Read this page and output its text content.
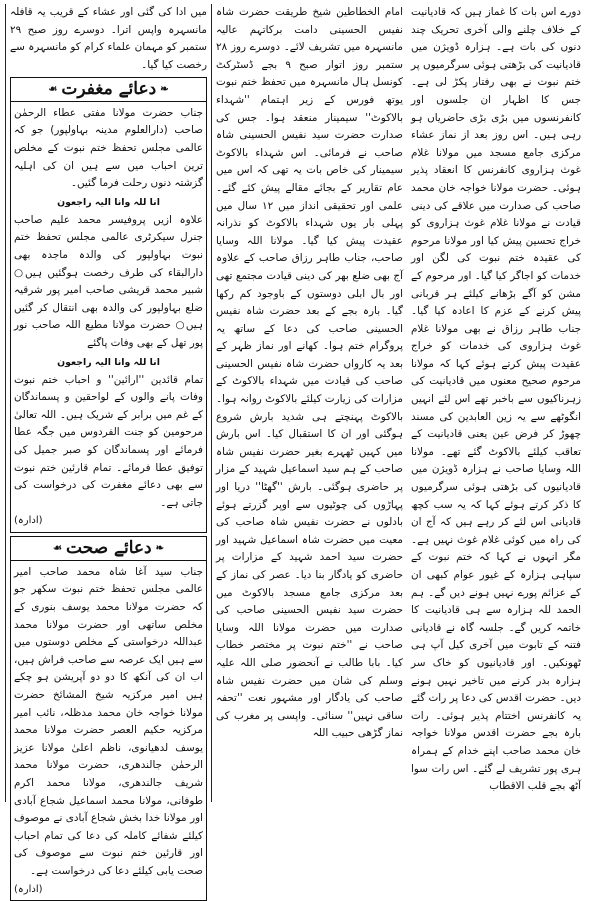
دورے اس بات کا غماز ہیں کہ قادیانیت کے خلاف چلنے والی آخری تحریک چند دنوں کی بات ہے۔ ہزارہ ڈویژن میں قادیانیت کی بڑھتی ہوئی سرگرمیوں پر ختم نبوت نے بھی رفتار پکڑ لی ہے۔ جس کا اظہار ان جلسوں اور کانفرنسوں میں بڑی بڑی حاضریاں ہو رہی ہیں۔ اس روز بعد از نماز عشاء مرکزی جامع مسجد میں مولانا غلام غوث ہزاروی کانفرنس کا انعقاد پذیر ہوئی۔ حضرت مولانا خواجہ خان محمد صاحب کی صدارت میں علاقے کی دینی قیادت نے مولانا غلام غوث ہزاروی کو خراج تحسین پیش کیا اور مولانا مرحوم کی عقیدہ ختم نبوت کی لگن اور خدمات کو اجاگر کیا گیا۔ اور مرحوم کے مشن کو آگے بڑھانے کیلئے ہر قربانی پیش کرنے کے عزم کا اعادہ کیا گیا۔ جناب طاہر رزاق نے بھی مولانا غلام غوث ہزاروی کی خدمات کو خراج عقیدت پیش کرتے ہوئے کہا کہ مولانا مرحوم صحیح معنوں میں قادیانیت کی زہرناکیوں سے باخبر تھے اس لئے انہیں انگوٹھے سے یہ زین العابدین کی مسند چھوڑ کر فرض عین یعنی قادیانیت کے تعاقب کیلئے بالاکوٹ گئے تھے۔ مولانا اللہ وسایا صاحب نے ہزارہ ڈویژن میں قادیانیوں کی بڑھتی ہوئی سرگرمیوں کا ذکر کرتے ہوئے کہا کہ یہ سب کچھ قادیانی اس لئے کر رہے ہیں کہ آج ان کی راہ میں کوئی غلام غوث نہیں ہے۔ مگر انہوں نے کہا کہ ختم نبوت کے سپاہی ہزارہ کے غیور عوام کبھی ان کے عزائم پورے نہیں ہونے دیں گے۔ ہم الحمد للہ ہزارہ سے ہی قادیانیت کا خاتمہ کریں گے۔ جلسہ گاہ نے قادیانی فتنہ کے تابوت میں آخری کیل آپ ہی ٹھونکیں۔ اور قادیانیوں کو خاک سر ہزارہ بدر کرنے میں تاخیر نہیں ہونے دیں۔ حضرت اقدس کی دعا پر رات گئے یہ کانفرنس اختتام پذیر ہوئی۔ رات بارہ بجے حضرت اقدس مولانا خواجہ خان محمد صاحب اپنے خدام کے ہمراہ ہری پور تشریف لے گئے۔ اس رات سوا آٹھ بجے قلب الاقطاب

امام الخطاطین شیخ طریقت حضرت شاہ نفیس الحسینی دامت برکاتہم عالیہ مانسہرہ میں تشریف لائے۔ دوسرے روز ۲۸ ستمبر روز اتوار صبح ۹ بجے ڈسٹرکٹ کونسل ہال مانسہرہ میں تحفظ ختم نبوت یوتھ فورس کے زیر اہتمام ''شہداء بالاکوٹ'' سیمینار منعقد ہوا۔ جس کی صدارت حضرت سید نفیس الحسینی شاہ صاحب نے فرمائی۔ اس شہداء بالاکوٹ سیمینار کی خاص بات یہ تھی کہ اس میں عام تقاریر کے بجائے مقالے پیش کئے گئے۔ علمی اور تحقیقی انداز میں ۱۲ سال میں پہلی بار یوں شہداء بالاکوٹ کو نذرانہ عقیدت پیش کیا گیا۔ مولانا اللہ وسایا صاحب، جناب طاہر رزاق صاحب کے علاوہ آج بھی ضلع بھر کی دینی قیادت مجتمع تھی اور بال ابلی دوستوں کے باوجود کم رکھا گیا۔ بارہ بجے کے بعد حضرت شاہ نفیس الحسینی صاحب کی دعا کے ساتھ یہ پروگرام ختم ہوا۔ کھانے اور نماز ظہر کے بعد یہ کارواں حضرت شاہ نفیس الحسینی صاحب کی قیادت میں شہداء بالاکوٹ کے مزارات کی زیارت کیلئے بالاکوٹ روانہ ہوا۔ بالاکوٹ پہنچتے ہی شدید بارش شروع ہوگئی اور ان کا استقبال کیا۔ اس بارش میں کہیں ٹھہرے بغیر حضرت نفیس شاہ صاحب کے ہم سید اسماعیل شہید کے مزار پر حاضری ہوگئی۔ بارش ''گھٹا'' دریا اور پہاڑوں کی چوٹیوں سے اوپر گزرتے ہوئے بادلوں نے حضرت نفیس شاہ صاحب کی معیت میں حضرت شاہ اسماعیل شہید اور حضرت سید احمد شہید کے مزارات پر حاضری کو یادگار بنا دیا۔ عصر کی نماز کے بعد مرکزی جامع مسجد بالاکوٹ میں حضرت سید نفیس الحسینی صاحب کی صدارت میں حضرت مولانا اللہ وسایا صاحب نے ''ختم نبوت پر مختصر خطاب کیا۔ بابا طالب نے آنحضور صلی اللہ علیہ وسلم کی شان میں حضرت نفیس شاہ صاحب کی یادگار اور مشہور نعت ''تحفہ ساقی نہیں'' سنائی۔ واپسی پر مغرب کی نماز گڑھی حبیب اللہ

میں ادا کی گئی اور عشاء کے قریب یہ قافلہ مانسہرہ واپس اترا۔ دوسرے روز صبح ۲۹ ستمبر کو مہمان علماء کرام کو مانسہرہ سے رخصت کیا گیا۔

❧دعائے مغفرت☙

جناب حضرت مولانا مفتی عطاء الرحمٰن صاحب (دارالعلوم مدینہ بہاولپور) جو کہ عالمی مجلس تحفظ ختم نبوت کے مخلص ترین احباب میں سے ہیں ان کی اہلیہ گزشتہ دنوں رحلت فرما گئیں۔

انا للہ وانا الیہ راجعون

علاوہ ازیں پروفیسر محمد علیم صاحب جنرل سیکرٹری عالمی مجلس تحفظ ختم نبوت بہاولپور کی والدہ ماجدہ بھی دارالبقاء کی طرف رخصت ہوگئیں ہیں○ شبیر محمد قریشی صاحب امیر پور شرقیہ ضلع بہاولپور کی والدہ بھی انتقال کر گئیں ہیں○ حضرت مولانا مطیع اللہ صاحب نور پور تھل کے بھی وفات پاگئے

انا للہ وانا الیہ راجعون

تمام قائدین ''ارائین'' و احباب ختم نبوت وفات پانے والوں کے لواحقین و پسماندگان کے غم میں برابر کے شریک ہیں۔ اللہ تعالیٰ مرحومین کو جنت الفردوس میں جگہ عطا فرمائے اور پسماندگان کو صبر جمیل کی توفیق عطا فرمائے۔ تمام قارئین ختم نبوت سے بھی دعائے مغفرت کی درخواست کی جاتی ہے۔

(ادارہ)
❧دعائے صحت☙

جناب سید آغا شاہ محمد صاحب امیر عالمی مجلس تحفظ ختم نبوت سکھر جو کہ حضرت مولانا محمد یوسف بنوری کے مخلص ساتھی اور حضرت مولانا محمد عبداللہ درخواستی کے مخلص دوستوں میں سے ہیں ایک عرصہ سے صاحب فراش ہیں، اب ان کی آنکھ کا دو دو آپریشن ہو چکے ہیں امیر مرکزیہ شیخ المشائخ حضرت مولانا خواجہ خان محمد مدظلہ، نائب امیر مرکزیہ حکیم العصر حضرت مولانا محمد یوسف لدھیانوی، ناظم اعلیٰ مولانا عزیز الرحمٰن جالندھری، حضرت مولانا محمد شریف جالندھری، مولانا محمد اکرم طوفانی، مولانا محمد اسماعیل شجاع آبادی اور مولانا خدا بخش شجاع آبادی نے موصوف کیلئے شفائے کاملہ کی دعا کی تمام احباب اور قارئین ختم نبوت سے موصوف کی صحت یابی کیلئے دعا کی درخواست ہے۔

(ادارہ)
